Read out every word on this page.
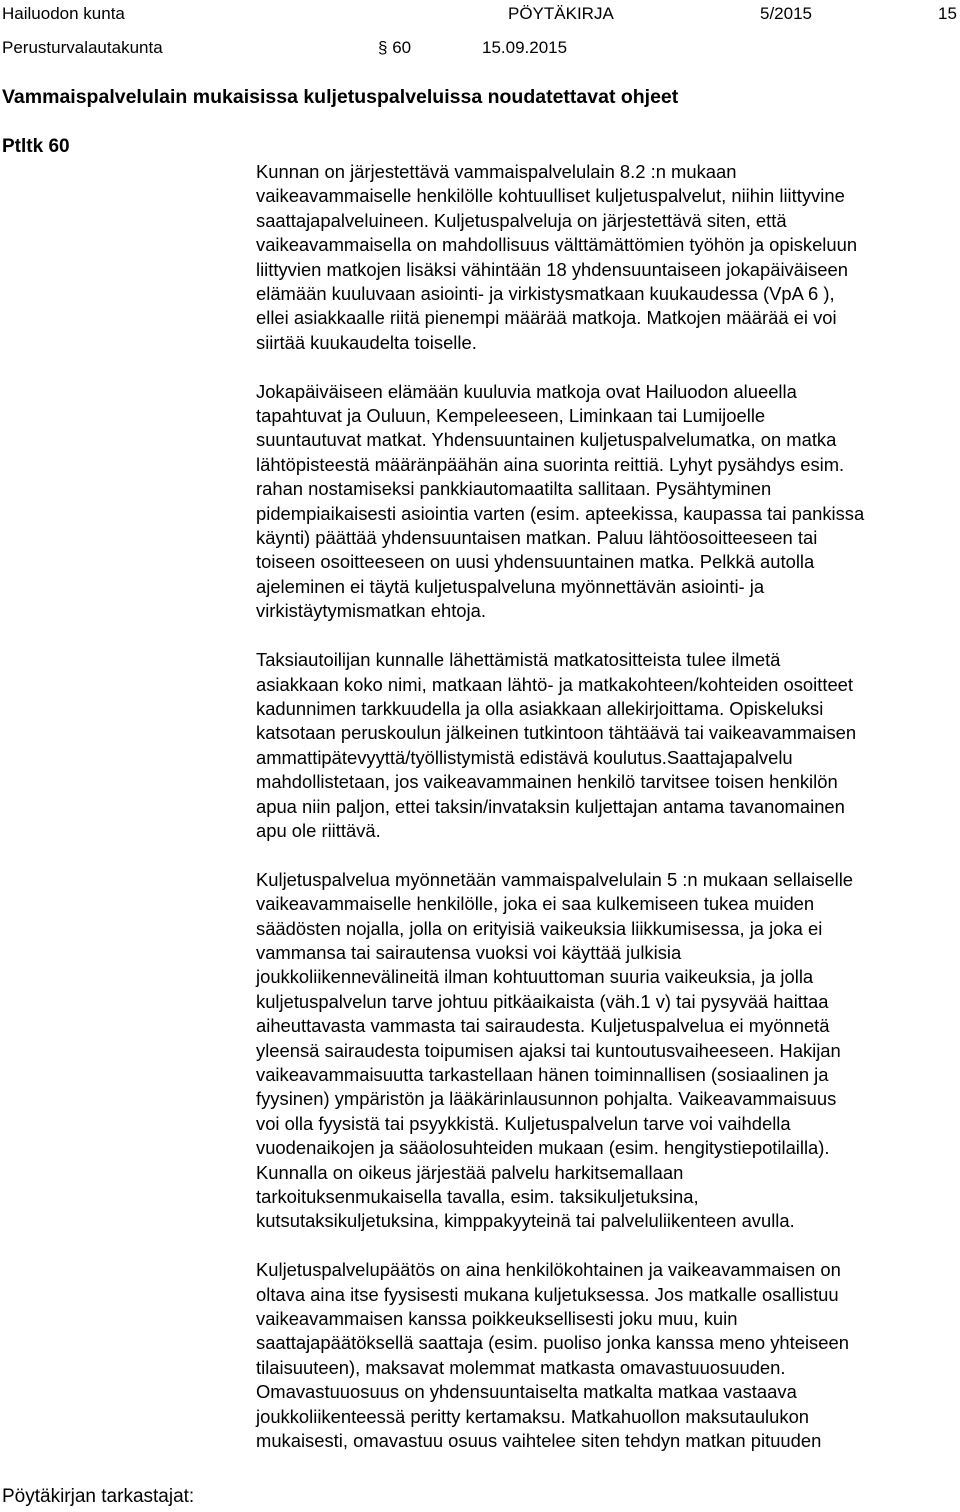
Hailuodon kunta	PÖYTÄKIRJA	5/2015	15
Perusturvalautakunta	§ 60	15.09.2015
Vammaispalvelulain mukaisissa kuljetuspalveluissa noudatettavat ohjeet
Ptltk 60

Kunnan on järjestettävä vammaispalvelulain 8.2 :n mukaan
vaikeavammaiselle henkilölle kohtuulliset kuljetuspalvelut, niihin liittyvine
saattajapalveluineen. Kuljetuspalveluja on järjestettävä siten, että
vaikeavammaisella on mahdollisuus välttämättömien työhön ja opiskeluun
liittyvien matkojen lisäksi vähintään 18 yhdensuuntaiseen jokapäiväiseen
elämään kuuluvaan asiointi- ja virkistysmatkaan kuukaudessa (VpA 6 ),
ellei asiakkaalle riitä pienempi määrää matkoja. Matkojen määrää ei voi
siirtää kuukaudelta toiselle.

Jokapäiväiseen elämään kuuluvia matkoja ovat Hailuodon alueella
tapahtuvat ja Ouluun, Kempeleeseen, Liminkaan tai Lumijoelle
suuntautuvat matkat. Yhdensuuntainen kuljetuspalvelumatka, on matka
lähtöpisteestä määränpäähän aina suorinta reittiä. Lyhyt pysähdys esim.
rahan nostamiseksi pankkiautomaatilta sallitaan. Pysähtyminen
pidempiaikaisesti asiointia varten (esim. apteekissa, kaupassa tai pankissa
käynti) päättää yhdensuuntaisen matkan. Paluu lähtöosoitteeseen tai
toiseen osoitteeseen on uusi yhdensuuntainen matka. Pelkkä autolla
ajeleminen ei täytä kuljetuspalveluna myönnettävän asiointi- ja
virkistäytymismatkan ehtoja.

Taksiautoilijan kunnalle lähettämistä matkatositteista tulee ilmetä
asiakkaan koko nimi, matkaan lähtö- ja matkakohteen/kohteiden osoitteet
kadunnimen tarkkuudella ja olla asiakkaan allekirjoittama. Opiskeluksi
katsotaan peruskoulun jälkeinen tutkintoon tähtäävä tai vaikeavammaisen
ammattipätevyyttä/työllistymistä edistävä koulutus.Saattajapalvelu
mahdollistetaan, jos vaikeavammainen henkilö tarvitsee toisen henkilön
apua niin paljon, ettei taksin/invataksin kuljettajan antama tavanomainen
apu ole riittävä.

Kuljetuspalvelua myönnetään vammaispalvelulain 5 :n mukaan sellaiselle
vaikeavammaiselle henkilölle, joka ei saa kulkemiseen tukea muiden
säädösten nojalla, jolla on erityisiä vaikeuksia liikkumisessa, ja joka ei
vammansa tai sairautensa vuoksi voi käyttää julkisia
joukkoliikennevälineitä ilman kohtuuttoman suuria vaikeuksia, ja jolla
kuljetuspalvelun tarve johtuu pitkäaikaista (väh.1 v) tai pysyvää haittaa
aiheuttavasta vammasta tai sairaudesta. Kuljetuspalvelua ei myönnetä
yleensä sairaudesta toipumisen ajaksi tai kuntoutusvaiheeseen. Hakijan
vaikeavammaisuutta tarkastellaan hänen toiminnallisen (sosiaalinen ja
fyysinen) ympäristön ja lääkärinlausunnon pohjalta. Vaikeavammaisuus
voi olla fyysistä tai psyykkistä. Kuljetuspalvelun tarve voi vaihdella
vuodenaikojen ja sääolosuhteiden mukaan (esim. hengitystiepotilailla).
Kunnalla on oikeus järjestää palvelu harkitsemallaan
tarkoituksenmukaisella tavalla, esim. taksikuljetuksina,
kutsutaksikuljetuksina, kimppakyyteinä tai palveluliikenteen avulla.

Kuljetuspalvelupäätös on aina henkilökohtainen ja vaikeavammaisen on
oltava aina itse fyysisesti mukana kuljetuksessa. Jos matkalle osallistuu
vaikeavammaisen kanssa poikkeuksellisesti joku muu, kuin
saattajapäätöksellä saattaja (esim. puoliso jonka kanssa meno yhteiseen
tilaisuuteen), maksavat molemmat matkasta omavastuuosuuden.
Omavastuuosuus on yhdensuuntaiselta matkalta matkaa vastaava
joukkoliikenteessä peritty kertamaksu. Matkahuollon maksutaulukon
mukaisesti, omavastuu osuus vaihtelee siten tehdyn matkan pituuden

Pöytäkirjan tarkastajat:
